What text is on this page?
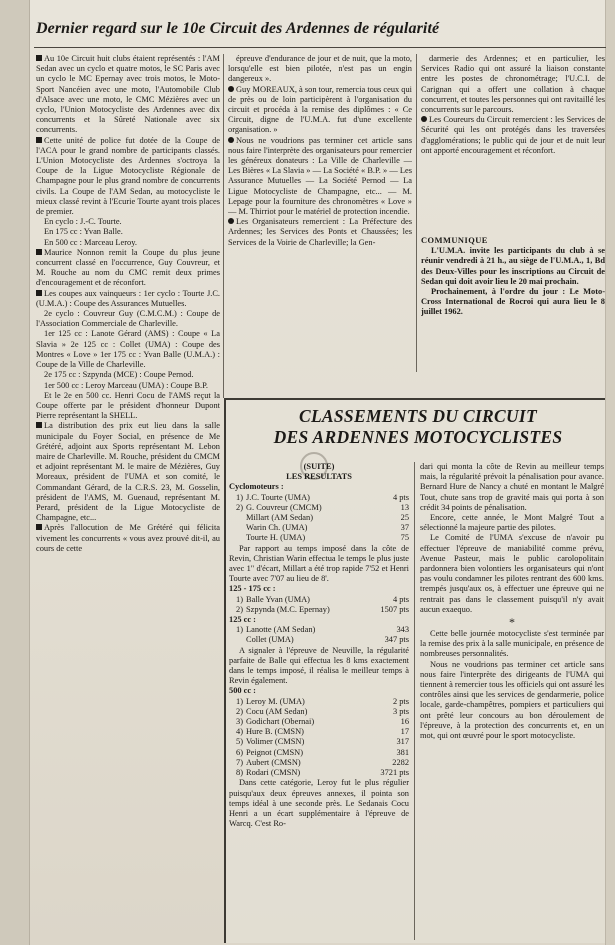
Dernier regard sur le 10e Circuit des Ardennes de régularité

Au 10e Circuit huit clubs étaient représentés : l'AM Sedan avec un cyclo et quatre motos, le SC Paris avec un cyclo le MC Epernay avec trois motos, le Moto-Sport Nancéien avec une moto, l'Automobile Club d'Alsace avec une moto, le CMC Mézières avec un cyclo, l'Union Motocycliste des Ardennes avec dix concurrents et la Sûreté Nationale avec six concurrents.

Cette unité de police fut dotée de la Coupe de l'ACA pour le grand nombre de participants classés. L'Union Motocycliste des Ardennes s'octroya la Coupe de la Ligue Motocycliste Régionale de Champagne pour le plus grand nombre de concurrents civils. La Coupe de l'AM Sedan, au motocycliste le mieux classé revint à l'Ecurie Tourte ayant trois places de premier.

En cyclo : J.-C. Tourte.

En 175 cc : Yvan Balle.

En 500 cc : Marceau Leroy.

Maurice Nonnon remit la Coupe du plus jeune concurrent classé en l'occurrence, Guy Couvreur, et M. Rouche au nom du CMC remit deux primes d'encouragement et de réconfort.

Les coupes aux vainqueurs : 1er cyclo : Tourte J.C. (U.M.A.) : Coupe des Assurances Mutuelles.

2e cyclo : Couvreur Guy (C.M.C.M.) : Coupe de l'Association Commerciale de Charleville.

1er 125 cc : Lanote Gérard (AMS) : Coupe « La Slavia » 2e 125 cc : Collet (UMA) : Coupe des Montres « Love » 1er 175 cc : Yvan Balle (U.M.A.) : Coupe de la Ville de Charleville.

2e 175 cc : Szpynda (MCE) : Coupe Pernod.

1er 500 cc : Leroy Marceau (UMA) : Coupe B.P.

Et le 2e en 500 cc. Henri Cocu de l'AMS reçut la Coupe offerte par le président d'honneur Dupont Pierre représentant la SHELL.

La distribution des prix eut lieu dans la salle municipale du Foyer Social, en présence de Me Grétéré, adjoint aux Sports représentant M. Lebon maire de Charleville. M. Rouche, président du CMCM et adjoint représentant M. le maire de Mézières, Guy Moreaux, président de l'UMA et son comité, le Commandant Gérard, de la C.R.S. 23, M. Gosselin, président de l'AMS, M. Guenaud, représentant M. Perard, président de la Ligue Motocycliste de Champagne, etc...

Après l'allocution de Me Grétéré qui félicita vivement les concurrents « vous avez prouvé dit-il, au cours de cette

épreuve d'endurance de jour et de nuit, que la moto, lorsqu'elle est bien pilotée, n'est pas un engin dangereux ».

Guy MOREAUX, à son tour, remercia tous ceux qui de près ou de loin participèrent à l'organisation du circuit et procéda à la remise des diplômes : « Ce Circuit, digne de l'U.M.A. fut d'une excellente organisation. »

Nous ne voudrions pas terminer cet article sans nous faire l'interprète des organisateurs pour remercier les généreux donateurs : La Ville de Charleville — Les Bières « La Slavia » — La Société « B.P. » — Les Assurance Mutuelles — La Société Pernod — La Ligue Motocycliste de Champagne, etc... — M. Lepage pour la fourniture des chronomètres « Love » — M. Thirriot pour le matériel de protection incendie.

Les Organisateurs remercient : La Préfecture des Ardennes; les Services des Ponts et Chaussées; les Services de la Voirie de Charleville; la Gen-

darmerie des Ardennes; et en particulier, les Services Radio qui ont assuré la liaison constante entre les postes de chronométrage; l'U.C.I. de Carignan qui a offert une collation à chaque concurrent, et toutes les personnes qui ont ravitaillé les concurrents sur le parcours.

Les Coureurs du Circuit remercient : les Services de Sécurité qui les ont protégés dans les traversées d'agglomérations; le public qui de jour et de nuit leur ont apporté encouragement et réconfort.

COMMUNIQUE

L'U.M.A. invite les participants du club à se réunir vendredi à 21 h., au siège de l'U.M.A., 1, Bd des Deux-Villes pour les inscriptions au Circuit de Sedan qui doit avoir lieu le 20 mai prochain.

Prochainement, à l'ordre du jour : Le Moto-Cross International de Rocroi qui aura lieu le 8 juillet 1962.

CLASSEMENTS DU CIRCUIT
DES ARDENNES MOTOCYCLISTES

(SUITE)

LES RESULTATS

Cyclomoteurs :

1) J.C. Tourte (UMA)	4 pts
2) G. Couvreur (CMCM)	13
Millart (AM Sedan)	25
Warin Ch. (UMA)	37
Tourte H. (UMA)	75

Par rapport au temps imposé dans la côte de Revin, Christian Warin effectua le temps le plus juste avec 1" d'écart, Millart a été trop rapide 7'52 et Henri Tourte avec 7'07 au lieu de 8'.

125 - 175 cc :

1) Balle Yvan (UMA)	4 pts
2) Szpynda (M.C. Epernay)	1507 pts

125 cc :

1) Lanotte (AM Sedan)	343
Collet (UMA)	347 pts

A signaler à l'épreuve de Neuville, la régularité parfaite de Balle qui effectua les 8 kms exactement dans le temps imposé, il réalisa le meilleur temps à Revin également.

500 cc :

1) Leroy M. (UMA)	2 pts
2) Cocu (AM Sedan)	3 pts
3) Godichart (Obernai)	16
4) Hure B. (CMSN)	17
5) Volimer (CMSN)	317
6) Peignot (CMSN)	381
7) Aubert (CMSN)	2282
8) Rodari (CMSN)	3721 pts

Dans cette catégorie, Leroy fut le plus régulier puisqu'aux deux épreuves annexes, il pointa son temps idéal à une seconde près. Le Sedanais Cocu Henri a un écart supplémentaire à l'épreuve de Warcq. C'est Ro-

dari qui monta la côte de Revin au meilleur temps mais, la régularité prévoit la pénalisation pour avance. Bernard Hure de Nancy a chuté en montant le Malgré Tout, chute sans trop de gravité mais qui porta à son crédit 34 points de pénalisation.

Encore, cette année, le Mont Malgré Tout a sélectionné la majeure partie des pilotes.

Le Comité de l'UMA s'excuse de n'avoir pu effectuer l'épreuve de maniabilité comme prévu, Avenue Pasteur, mais le public carolopolitain pardonnera bien volontiers les organisateurs qui n'ont pas voulu condamner les pilotes rentrant des 600 kms. trempés jusqu'aux os, à effectuer une épreuve qui ne rentrait pas dans le classement puisqu'il n'y avait aucun exaequo.

*

Cette belle journée motocycliste s'est terminée par la remise des prix à la salle municipale, en présence de nombreuses personnalités.

Nous ne voudrions pas terminer cet article sans nous faire l'interprète des dirigeants de l'UMA qui tiennent à remercier tous les officiels qui ont assuré les contrôles ainsi que les services de gendarmerie, police locale, garde-champêtres, pompiers et particuliers qui ont prêté leur concours au bon déroulement de l'épreuve, à la protection des concurrents et, en un mot, qui ont œuvré pour le sport motocycliste.
